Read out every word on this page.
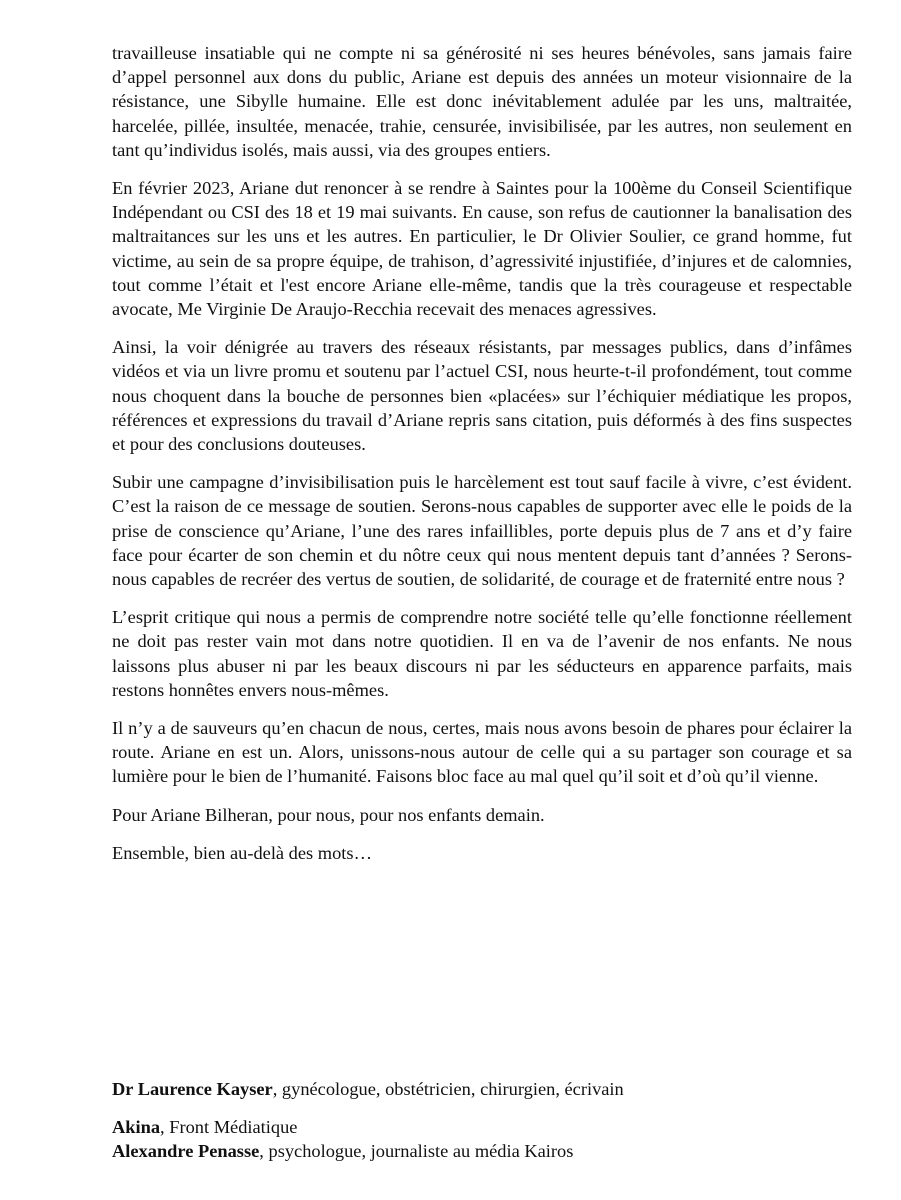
travailleuse insatiable qui ne compte ni sa générosité ni ses heures bénévoles, sans jamais faire d’appel personnel aux dons du public, Ariane est depuis des années un moteur visionnaire de la résistance, une Sibylle humaine. Elle est donc inévitablement adulée par les uns, maltraitée, harcelée, pillée, insultée, menacée, trahie, censurée, invisibilisée, par les autres, non seulement en tant qu’individus isolés, mais aussi, via des groupes entiers.

En février 2023, Ariane dut renoncer à se rendre à Saintes pour la 100ème du Conseil Scientifique Indépendant ou CSI des 18 et 19 mai suivants. En cause, son refus de cautionner la banalisation des maltraitances sur les uns et les autres. En particulier, le Dr Olivier Soulier, ce grand homme, fut victime, au sein de sa propre équipe, de trahison, d’agressivité injustifiée, d’injures et de calomnies, tout comme l’était et l'est encore Ariane elle-même, tandis que la très courageuse et respectable avocate, Me Virginie De Araujo-Recchia recevait des menaces agressives.

Ainsi, la voir dénigrée au travers des réseaux résistants, par messages publics, dans d’infâmes vidéos et via un livre promu et soutenu par l’actuel CSI, nous heurte-t-il profondément, tout comme nous choquent dans la bouche de personnes bien «placées» sur l’échiquier médiatique les propos, références et expressions du travail d’Ariane repris sans citation, puis déformés à des fins suspectes et pour des conclusions douteuses.

Subir une campagne d’invisibilisation puis le harcèlement est tout sauf facile à vivre, c’est évident. C’est la raison de ce message de soutien. Serons-nous capables de supporter avec elle le poids de la prise de conscience qu’Ariane, l’une des rares infaillibles, porte depuis plus de 7 ans et d’y faire face pour écarter de son chemin et du nôtre ceux qui nous mentent depuis tant d’années ? Serons-nous capables de recréer des vertus de soutien, de solidarité, de courage et de fraternité entre nous ?

L’esprit critique qui nous a permis de comprendre notre société telle qu’elle fonctionne réellement ne doit pas rester vain mot dans notre quotidien. Il en va de l’avenir de nos enfants. Ne nous laissons plus abuser ni par les beaux discours ni par les séducteurs en apparence parfaits, mais restons honnêtes envers nous-mêmes.

Il n’y a de sauveurs qu’en chacun de nous, certes, mais nous avons besoin de phares pour éclairer la route. Ariane en est un. Alors, unissons-nous autour de celle qui a su partager son courage et sa lumière pour le bien de l’humanité. Faisons bloc face au mal quel qu’il soit et d’où qu’il vienne.

Pour Ariane Bilheran, pour nous, pour nos enfants demain.

Ensemble, bien au-delà des mots…

Dr Laurence Kayser, gynécologue, obstétricien, chirurgien, écrivain

Akina, Front Médiatique

Alexandre Penasse, psychologue, journaliste au média Kairos
